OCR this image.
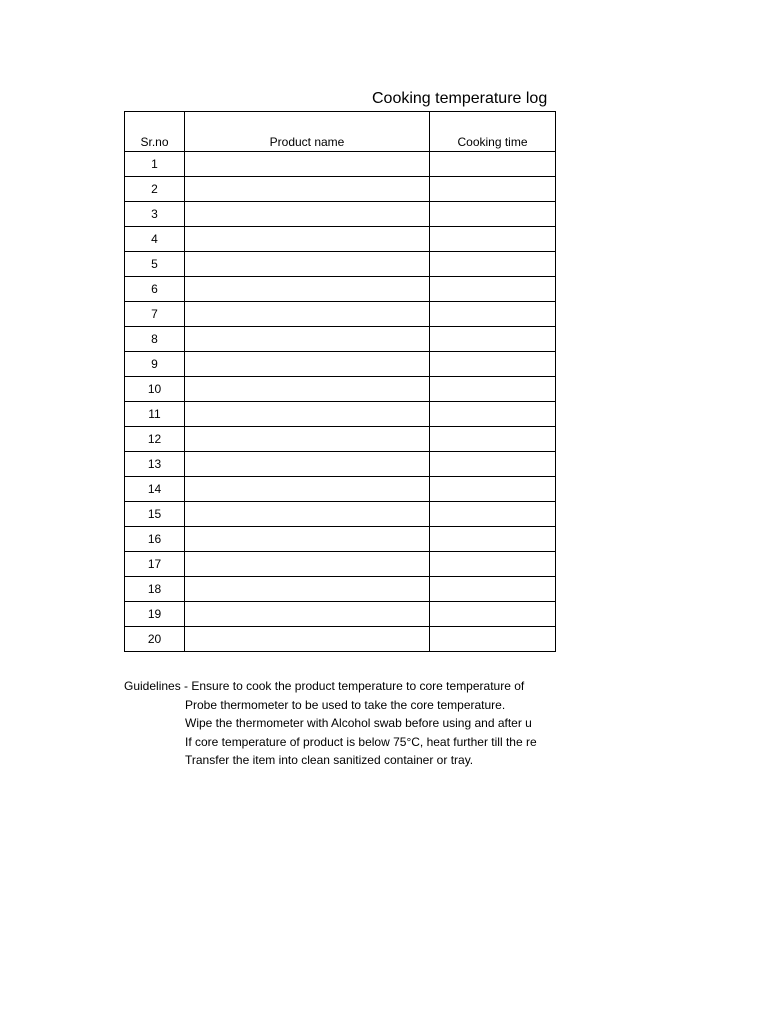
Cooking temperature log
Sr.no	Product name	Cooking time
1		
2		
3		
4		
5		
6		
7		
8		
9		
10		
11		
12		
13		
14		
15		
16		
17		
18		
19		
20		
Guidelines - Ensure to cook the product temperature to core temperature of
Probe thermometer to be used to take the core temperature.
Wipe the thermometer with Alcohol swab before using and after u
If core temperature of product is below 75°C, heat further till the re
Transfer the item into clean sanitized container or tray.
